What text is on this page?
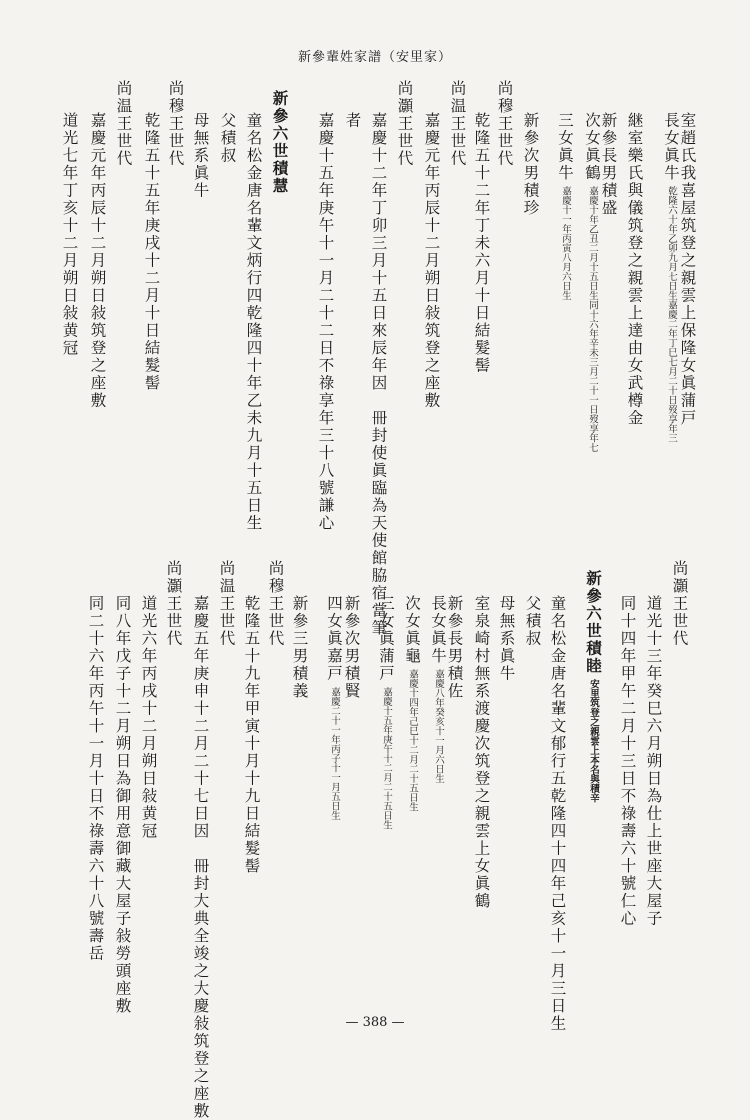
新參輩姓家譜（安里家）
室趙氏我喜屋筑登之親雲上保隆女眞蒲戸
長女眞牛乾隆六十年乙卯九月七日生嘉慶二年丁巳七月二十日歿享年三
継室樂氏與儀筑登之親雲上達由女武樽金
新參長男積盛
次女眞鶴嘉慶十年乙丑二月十五日生同十六年辛未三月二十一日歿享年七
三女眞牛嘉慶十一年丙寅八月六日生
新參次男積珍
尚穆王世代
乾隆五十二年丁未六月十日結髮髻
尚温王世代
嘉慶元年丙辰十二月朔日敍筑登之座敷
尚灝王世代
嘉慶十二年丁卯三月十五日來辰年因　冊封使眞臨為天使館脇宿當筆
者
嘉慶十五年庚午十一月二十二日不祿享年三十八號謙心
新參六世積慧
童名松金唐名輩文炳行四乾隆四十年乙未九月十五日生
父積叔
母無系眞牛
尚穆王世代
乾隆五十五年庚戌十二月十日結髮髻
尚温王世代
嘉慶元年丙辰十二月朔日敍筑登之座敷
道光七年丁亥十二月朔日敍黄冠
尚灝王世代
道光十三年癸巳六月朔日為仕上世座大屋子
同十四年甲午二月十三日不祿壽六十號仁心
新參六世積睦安里筑登之親雲上本名與積辛
童名松金唐名輩文郁行五乾隆四十四年己亥十一月三日生
父積叔
母無系眞牛
室泉崎村無系渡慶次筑登之親雲上女眞鶴
新參長男積佐
長女眞牛嘉慶八年癸亥十一月六日生
次女眞龜嘉慶十四年己巳十二月二十五日生
三女眞蒲戸嘉慶十五年庚午十二月二十五日生
新參次男積賢
四女眞嘉戸嘉慶二十一年丙子十一月五日生
新參三男積義
尚穆王世代
乾隆五十九年甲寅十月十九日結髮髻
尚温王世代
嘉慶五年庚申十二月二十七日因　冊封大典全竣之大慶敍筑登之座敷
尚灝王世代
道光六年丙戌十二月朔日敍黄冠
同八年戊子十二月朔日為御用意御藏大屋子敍勞頭座敷
同二十六年丙午十一月十日不祿壽六十八號壽岳
— 388 —
